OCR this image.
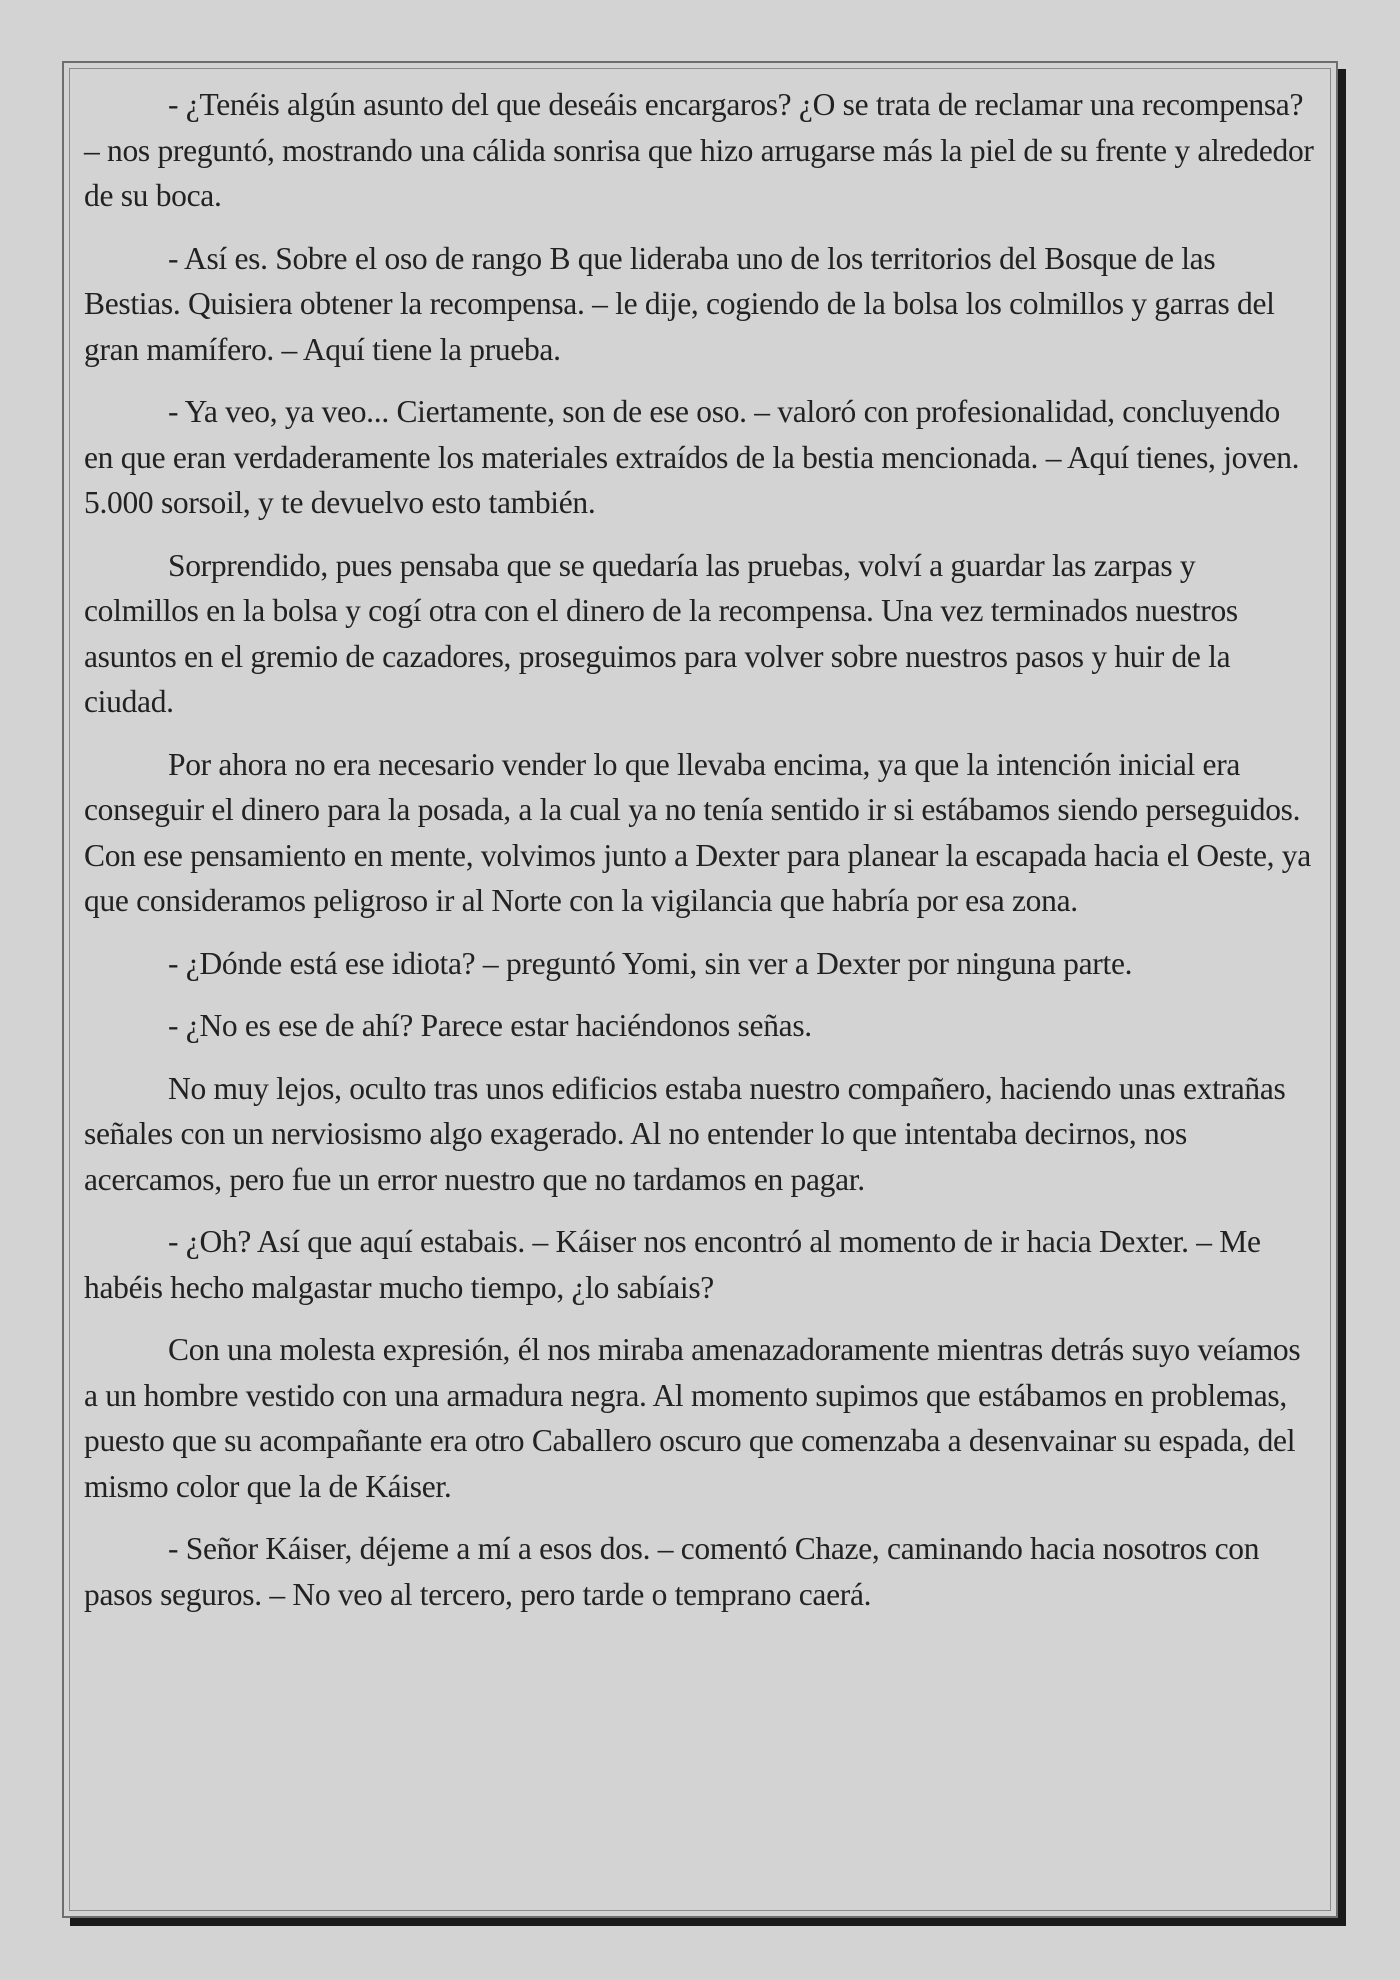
- ¿Tenéis algún asunto del que deseáis encargaros? ¿O se trata de reclamar una recompensa? – nos preguntó, mostrando una cálida sonrisa que hizo arrugarse más la piel de su frente y alrededor de su boca.

- Así es. Sobre el oso de rango B que lideraba uno de los territorios del Bosque de las Bestias. Quisiera obtener la recompensa. – le dije, cogiendo de la bolsa los colmillos y garras del gran mamífero. – Aquí tiene la prueba.

- Ya veo, ya veo... Ciertamente, son de ese oso. – valoró con profesionalidad, concluyendo en que eran verdaderamente los materiales extraídos de la bestia mencionada. – Aquí tienes, joven. 5.000 sorsoil, y te devuelvo esto también.

Sorprendido, pues pensaba que se quedaría las pruebas, volví a guardar las zarpas y colmillos en la bolsa y cogí otra con el dinero de la recompensa. Una vez terminados nuestros asuntos en el gremio de cazadores, proseguimos para volver sobre nuestros pasos y huir de la ciudad.

Por ahora no era necesario vender lo que llevaba encima, ya que la intención inicial era conseguir el dinero para la posada, a la cual ya no tenía sentido ir si estábamos siendo perseguidos. Con ese pensamiento en mente, volvimos junto a Dexter para planear la escapada hacia el Oeste, ya que consideramos peligroso ir al Norte con la vigilancia que habría por esa zona.

- ¿Dónde está ese idiota? – preguntó Yomi, sin ver a Dexter por ninguna parte.

- ¿No es ese de ahí? Parece estar haciéndonos señas.

No muy lejos, oculto tras unos edificios estaba nuestro compañero, haciendo unas extrañas señales con un nerviosismo algo exagerado. Al no entender lo que intentaba decirnos, nos acercamos, pero fue un error nuestro que no tardamos en pagar.

- ¿Oh? Así que aquí estabais. – Káiser nos encontró al momento de ir hacia Dexter. – Me habéis hecho malgastar mucho tiempo, ¿lo sabíais?

Con una molesta expresión, él nos miraba amenazadoramente mientras detrás suyo veíamos a un hombre vestido con una armadura negra. Al momento supimos que estábamos en problemas, puesto que su acompañante era otro Caballero oscuro que comenzaba a desenvainar su espada, del mismo color que la de Káiser.

- Señor Káiser, déjeme a mí a esos dos. – comentó Chaze, caminando hacia nosotros con pasos seguros. – No veo al tercero, pero tarde o temprano caerá.
